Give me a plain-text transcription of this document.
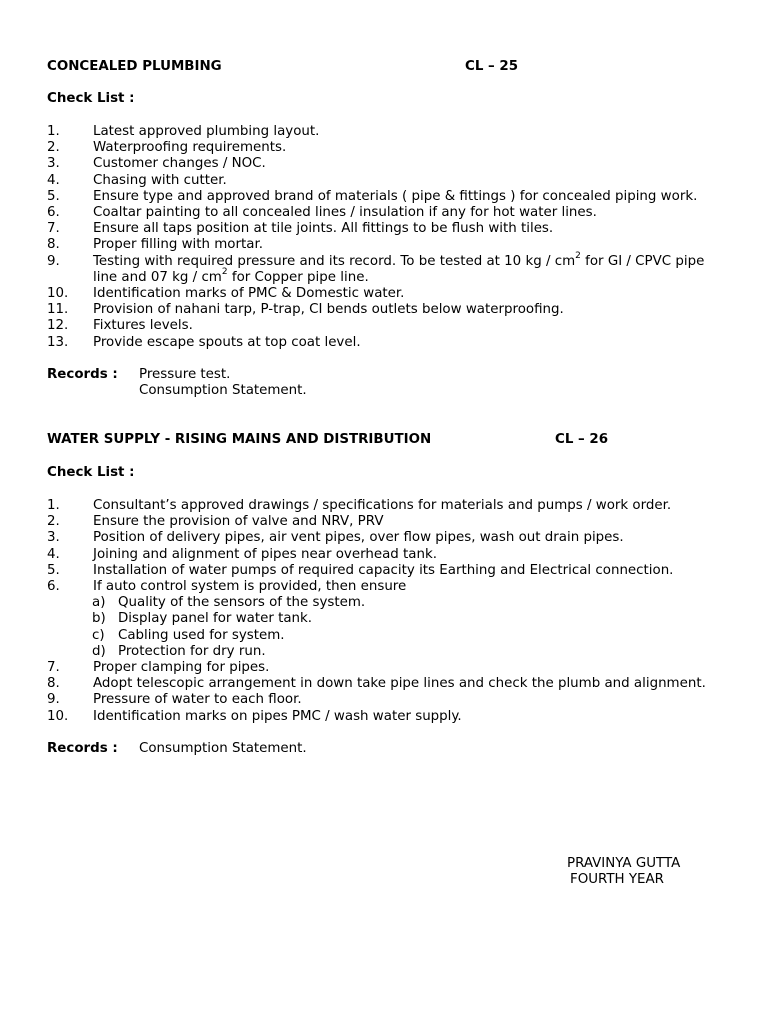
CONCEALED PLUMBING	CL – 25
Check List :
1. Latest approved plumbing layout.
2. Waterproofing requirements.
3. Customer changes / NOC.
4. Chasing with cutter.
5. Ensure type and approved brand of materials ( pipe & fittings ) for concealed piping work.
6. Coaltar painting to all concealed lines / insulation if any for hot water lines.
7. Ensure all taps position at tile joints. All fittings to be flush with tiles.
8. Proper filling with mortar.
9. Testing with required pressure and its record. To be tested at 10 kg / $cm^2$ for GI / CPVC pipe line and 07 kg / $cm^2$ for Copper pipe line.
10. Identification marks of PMC & Domestic water.
11. Provision of nahani tarp, P-trap, CI bends outlets below waterproofing.
12. Fixtures levels.
13. Provide escape spouts at top coat level.
Records : Pressure test.
Consumption Statement.
WATER SUPPLY - RISING MAINS AND DISTRIBUTION	CL – 26
Check List :
1. Consultant’s approved drawings / specifications for materials and pumps / work order.
2. Ensure the provision of valve and NRV, PRV
3. Position of delivery pipes, air vent pipes, over flow pipes, wash out drain pipes.
4. Joining and alignment of pipes near overhead tank.
5. Installation of water pumps of required capacity its Earthing and Electrical connection.
6. If auto control system is provided, then ensure
a) Quality of the sensors of the system.
b) Display panel for water tank.
c) Cabling used for system.
d) Protection for dry run.
7. Proper clamping for pipes.
8. Adopt telescopic arrangement in down take pipe lines and check the plumb and alignment.
9. Pressure of water to each floor.
10. Identification marks on pipes PMC / wash water supply.
Records : Consumption Statement.
PRAVINYA GUTTA
FOURTH YEAR
